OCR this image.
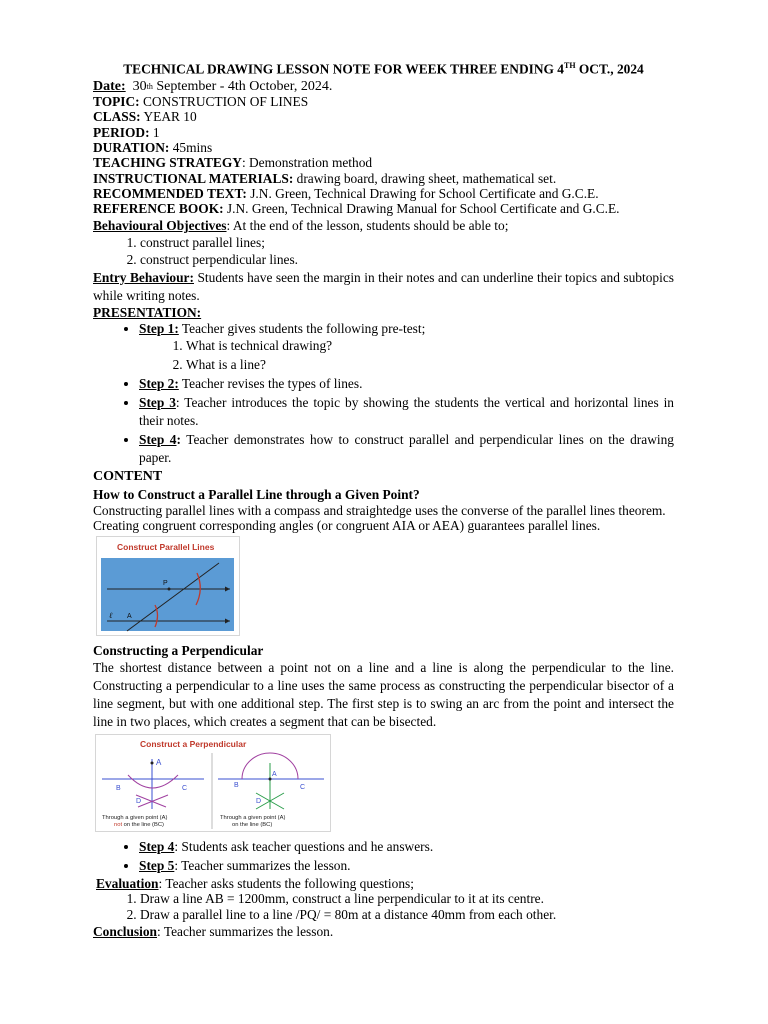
TECHNICAL DRAWING LESSON NOTE FOR WEEK THREE ENDING 4TH OCT., 2024
Date: 30th September - 4th October, 2024.
TOPIC: CONSTRUCTION OF LINES
CLASS: YEAR 10
PERIOD: 1
DURATION: 45mins
TEACHING STRATEGY: Demonstration method
INSTRUCTIONAL MATERIALS: drawing board, drawing sheet, mathematical set.
RECOMMENDED TEXT: J.N. Green, Technical Drawing for School Certificate and G.C.E.
REFERENCE BOOK: J.N. Green, Technical Drawing Manual for School Certificate and G.C.E.
Behavioural Objectives: At the end of the lesson, students should be able to;
1. construct parallel lines;
2. construct perpendicular lines.
Entry Behaviour: Students have seen the margin in their notes and can underline their topics and subtopics while writing notes.
PRESENTATION:
• Step 1: Teacher gives students the following pre-test;
1. What is technical drawing?
2. What is a line?
• Step 2: Teacher revises the types of lines.
• Step 3: Teacher introduces the topic by showing the students the vertical and horizontal lines in their notes.
• Step 4: Teacher demonstrates how to construct parallel and perpendicular lines on the drawing paper.
CONTENT
How to Construct a Parallel Line through a Given Point?
Constructing parallel lines with a compass and straightedge uses the converse of the parallel lines theorem. Creating congruent corresponding angles (or congruent AIA or AEA) guarantees parallel lines.
Construct Parallel Lines
P
A
ℓ
Constructing a Perpendicular
The shortest distance between a point not on a line and a line is along the perpendicular to the line. Constructing a perpendicular to a line uses the same process as constructing the perpendicular bisector of a line segment, but with one additional step. The first step is to swing an arc from the point and intersect the line in two places, which creates a segment that can be bisected.
Construct a Perpendicular
A
B	C
D
Through a given point (A)
not on the line (BC)
A
B	C
D
Through a given point (A)
on the line (BC)
• Step 4: Students ask teacher questions and he answers.
• Step 5: Teacher summarizes the lesson.
Evaluation: Teacher asks students the following questions;
1. Draw a line AB = 1200mm, construct a line perpendicular to it at its centre.
2. Draw a parallel line to a line /PQ/ = 80m at a distance 40mm from each other.
Conclusion: Teacher summarizes the lesson.
